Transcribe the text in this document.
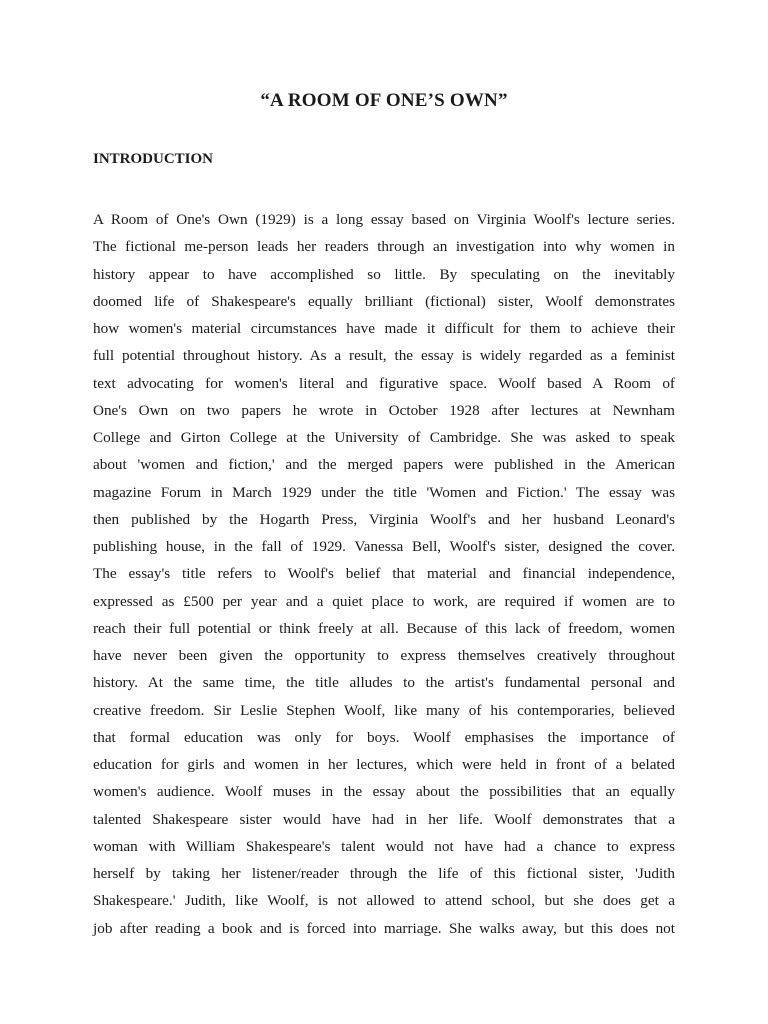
“A ROOM OF ONE’S OWN”
INTRODUCTION
A Room of One's Own (1929) is a long essay based on Virginia Woolf's lecture series.
The fictional me-person leads her readers through an investigation into why women in
history appear to have accomplished so little. By speculating on the inevitably
doomed life of Shakespeare's equally brilliant (fictional) sister, Woolf demonstrates
how women's material circumstances have made it difficult for them to achieve their
full potential throughout history. As a result, the essay is widely regarded as a feminist
text advocating for women's literal and figurative space. Woolf based A Room of
One's Own on two papers he wrote in October 1928 after lectures at Newnham
College and Girton College at the University of Cambridge. She was asked to speak
about 'women and fiction,' and the merged papers were published in the American
magazine Forum in March 1929 under the title 'Women and Fiction.' The essay was
then published by the Hogarth Press, Virginia Woolf's and her husband Leonard's
publishing house, in the fall of 1929. Vanessa Bell, Woolf's sister, designed the cover.
The essay's title refers to Woolf's belief that material and financial independence,
expressed as £500 per year and a quiet place to work, are required if women are to
reach their full potential or think freely at all. Because of this lack of freedom, women
have never been given the opportunity to express themselves creatively throughout
history. At the same time, the title alludes to the artist's fundamental personal and
creative freedom. Sir Leslie Stephen Woolf, like many of his contemporaries, believed
that formal education was only for boys. Woolf emphasises the importance of
education for girls and women in her lectures, which were held in front of a belated
women's audience. Woolf muses in the essay about the possibilities that an equally
talented Shakespeare sister would have had in her life. Woolf demonstrates that a
woman with William Shakespeare's talent would not have had a chance to express
herself by taking her listener/reader through the life of this fictional sister, 'Judith
Shakespeare.' Judith, like Woolf, is not allowed to attend school, but she does get a
job after reading a book and is forced into marriage. She walks away, but this does not
